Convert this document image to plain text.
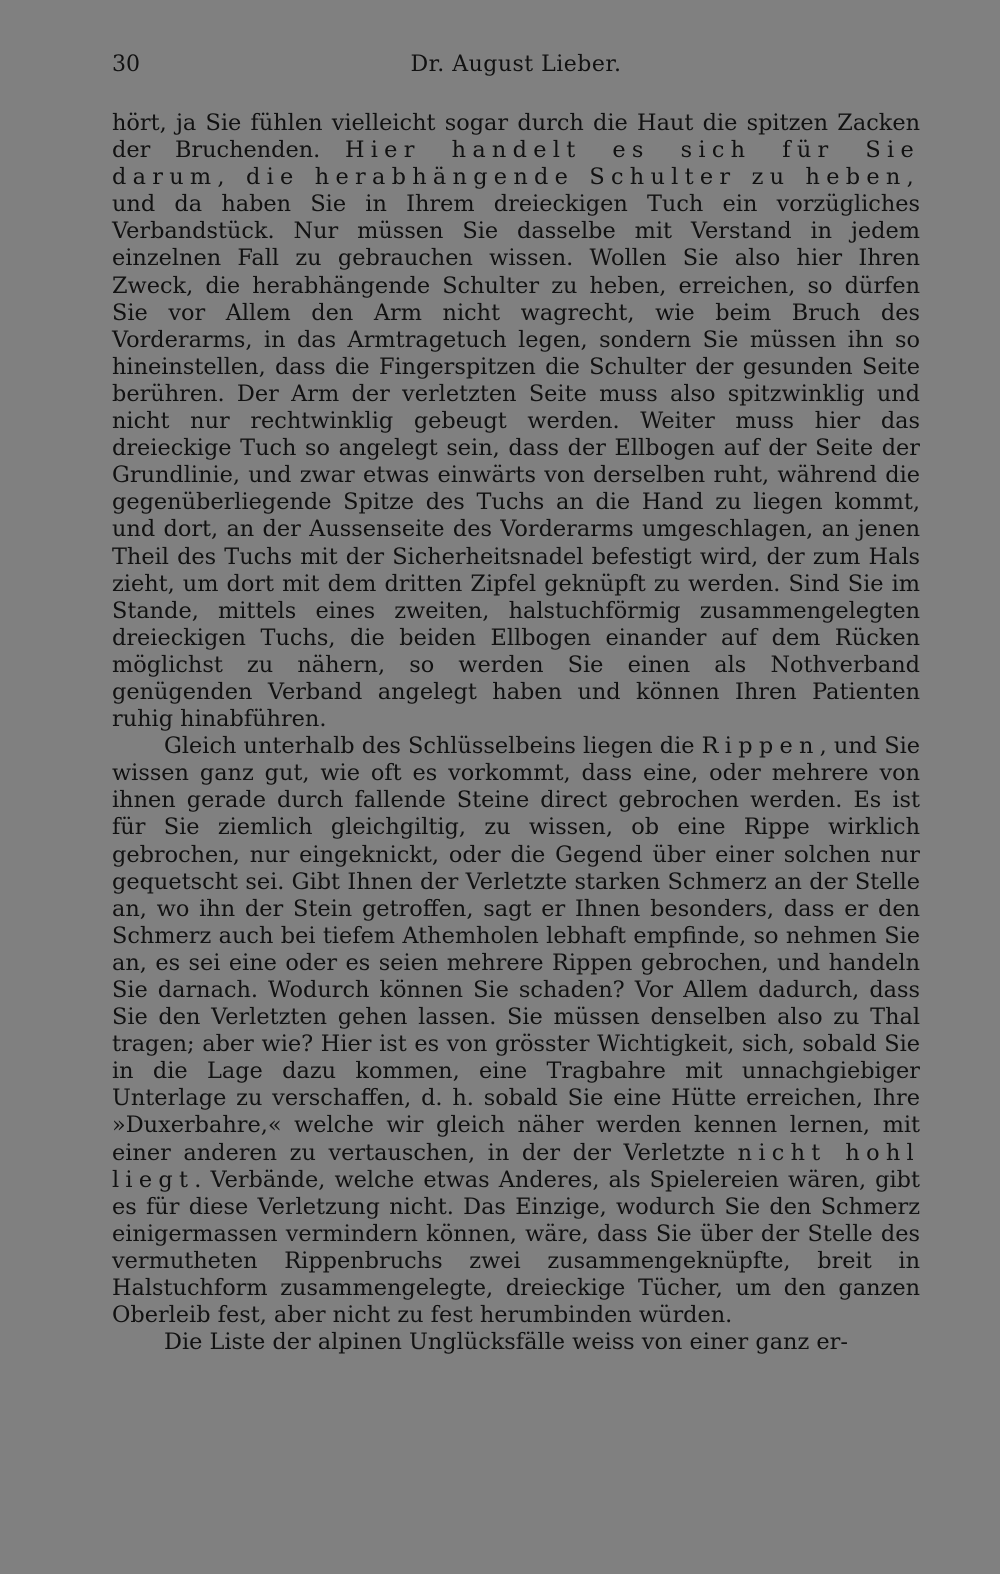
30	Dr. August Lieber.

hört, ja Sie fühlen vielleicht sogar durch die Haut die spitzen Zacken der Bruchenden. Hier handelt es sich für Sie darum, die herabhängende Schulter zu heben, und da haben Sie in Ihrem dreieckigen Tuch ein vorzügliches Verbandstück. Nur müssen Sie dasselbe mit Verstand in jedem einzelnen Fall zu gebrauchen wissen. Wollen Sie also hier Ihren Zweck, die herabhängende Schulter zu heben, erreichen, so dürfen Sie vor Allem den Arm nicht wagrecht, wie beim Bruch des Vorderarms, in das Armtragetuch legen, sondern Sie müssen ihn so hineinstellen, dass die Fingerspitzen die Schulter der gesunden Seite berühren. Der Arm der verletzten Seite muss also spitzwinklig und nicht nur rechtwinklig gebeugt werden. Weiter muss hier das dreieckige Tuch so angelegt sein, dass der Ellbogen auf der Seite der Grundlinie, und zwar etwas einwärts von derselben ruht, während die gegenüberliegende Spitze des Tuchs an die Hand zu liegen kommt, und dort, an der Aussenseite des Vorderarms umgeschlagen, an jenen Theil des Tuchs mit der Sicherheitsnadel befestigt wird, der zum Hals zieht, um dort mit dem dritten Zipfel geknüpft zu werden. Sind Sie im Stande, mittels eines zweiten, halstuchförmig zusammengelegten dreieckigen Tuchs, die beiden Ellbogen einander auf dem Rücken möglichst zu nähern, so werden Sie einen als Nothverband genügenden Verband angelegt haben und können Ihren Patienten ruhig hinabführen.

Gleich unterhalb des Schlüsselbeins liegen die Rippen, und Sie wissen ganz gut, wie oft es vorkommt, dass eine, oder mehrere von ihnen gerade durch fallende Steine direct gebrochen werden. Es ist für Sie ziemlich gleichgiltig, zu wissen, ob eine Rippe wirklich gebrochen, nur eingeknickt, oder die Gegend über einer solchen nur gequetscht sei. Gibt Ihnen der Verletzte starken Schmerz an der Stelle an, wo ihn der Stein getroffen, sagt er Ihnen besonders, dass er den Schmerz auch bei tiefem Athemholen lebhaft empfinde, so nehmen Sie an, es sei eine oder es seien mehrere Rippen gebrochen, und handeln Sie darnach. Wodurch können Sie schaden? Vor Allem dadurch, dass Sie den Verletzten gehen lassen. Sie müssen denselben also zu Thal tragen; aber wie? Hier ist es von grösster Wichtigkeit, sich, sobald Sie in die Lage dazu kommen, eine Tragbahre mit unnachgiebiger Unterlage zu verschaffen, d. h. sobald Sie eine Hütte erreichen, Ihre »Duxerbahre,« welche wir gleich näher werden kennen lernen, mit einer anderen zu vertauschen, in der der Verletzte nicht hohl liegt. Verbände, welche etwas Anderes, als Spielereien wären, gibt es für diese Verletzung nicht. Das Einzige, wodurch Sie den Schmerz einigermassen vermindern können, wäre, dass Sie über der Stelle des vermutheten Rippenbruchs zwei zusammengeknüpfte, breit in Halstuchform zusammengelegte, dreieckige Tücher, um den ganzen Oberleib fest, aber nicht zu fest herumbinden würden.

Die Liste der alpinen Unglücksfälle weiss von einer ganz er-
